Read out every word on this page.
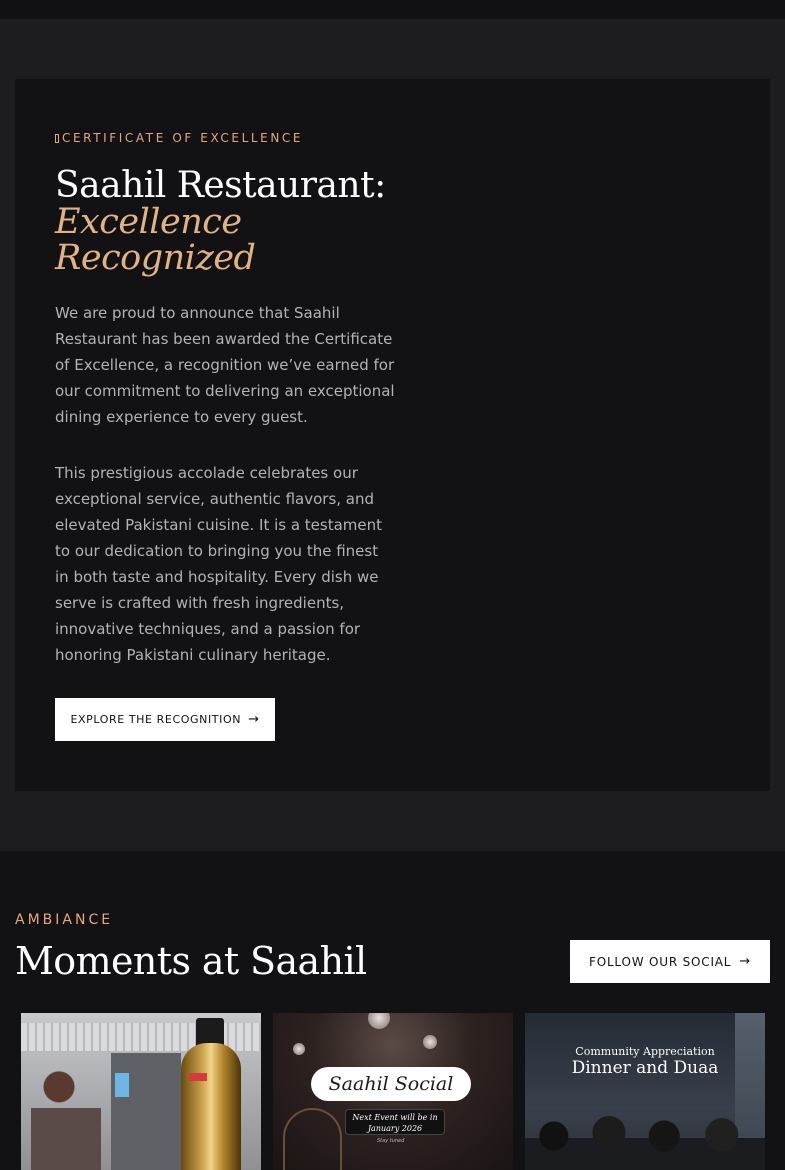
CERTIFICATE OF EXCELLENCE
Saahil Restaurant:
Excellence
Recognized

We are proud to announce that Saahil Restaurant has been awarded the Certificate of Excellence, a recognition we’ve earned for our commitment to delivering an exceptional dining experience to every guest.

This prestigious accolade celebrates our exceptional service, authentic flavors, and elevated Pakistani cuisine. It is a testament to our dedication to bringing you the finest in both taste and hospitality. Every dish we serve is crafted with fresh ingredients, innovative techniques, and a passion for honoring Pakistani culinary heritage.

EXPLORE THE RECOGNITION →
AMBIANCE
Moments at Saahil	FOLLOW OUR SOCIAL →
Saahil Social
Next Event will be in
January 2026
Stay tuned
Community Appreciation
Dinner and Duaa
